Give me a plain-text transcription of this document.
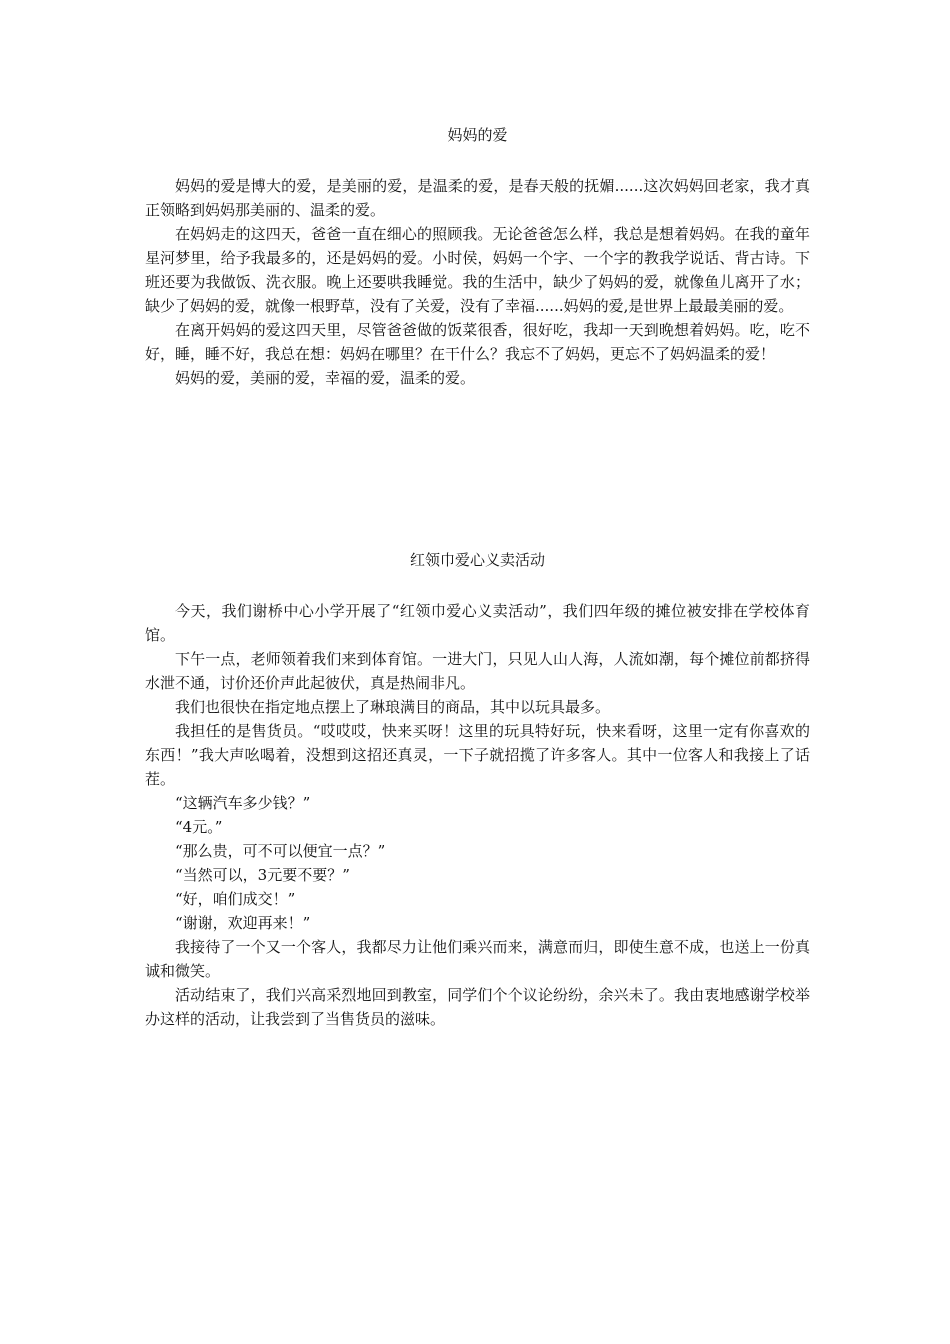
妈妈的爱

妈妈的爱是博大的爱，是美丽的爱，是温柔的爱，是春天般的抚媚......这次妈妈回老家，我才真正领略到妈妈那美丽的、温柔的爱。

在妈妈走的这四天，爸爸一直在细心的照顾我。无论爸爸怎么样，我总是想着妈妈。在我的童年星河梦里，给予我最多的，还是妈妈的爱。小时侯，妈妈一个字、一个字的教我学说话、背古诗。下班还要为我做饭、洗衣服。晚上还要哄我睡觉。我的生活中，缺少了妈妈的爱，就像鱼儿离开了水；缺少了妈妈的爱，就像一根野草，没有了关爱，没有了幸福......妈妈的爱,是世界上最最美丽的爱。

在离开妈妈的爱这四天里，尽管爸爸做的饭菜很香，很好吃，我却一天到晚想着妈妈。吃，吃不好，睡，睡不好，我总在想：妈妈在哪里？在干什么？我忘不了妈妈，更忘不了妈妈温柔的爱！

妈妈的爱，美丽的爱，幸福的爱，温柔的爱。

红领巾爱心义卖活动

今天，我们谢桥中心小学开展了“红领巾爱心义卖活动”，我们四年级的摊位被安排在学校体育馆。

下午一点，老师领着我们来到体育馆。一进大门，只见人山人海，人流如潮，每个摊位前都挤得水泄不通，讨价还价声此起彼伏，真是热闹非凡。

我们也很快在指定地点摆上了琳琅满目的商品，其中以玩具最多。

我担任的是售货员。“哎哎哎，快来买呀！这里的玩具特好玩，快来看呀，这里一定有你喜欢的东西！”我大声吆喝着，没想到这招还真灵，一下子就招揽了许多客人。其中一位客人和我接上了话茬。

“这辆汽车多少钱？”

“4元。”

“那么贵，可不可以便宜一点？”

“当然可以，3元要不要？”

“好，咱们成交！”

“谢谢，欢迎再来！”

我接待了一个又一个客人，我都尽力让他们乘兴而来，满意而归，即使生意不成，也送上一份真诚和微笑。

活动结束了，我们兴高采烈地回到教室，同学们个个议论纷纷，余兴未了。我由衷地感谢学校举办这样的活动，让我尝到了当售货员的滋味。
